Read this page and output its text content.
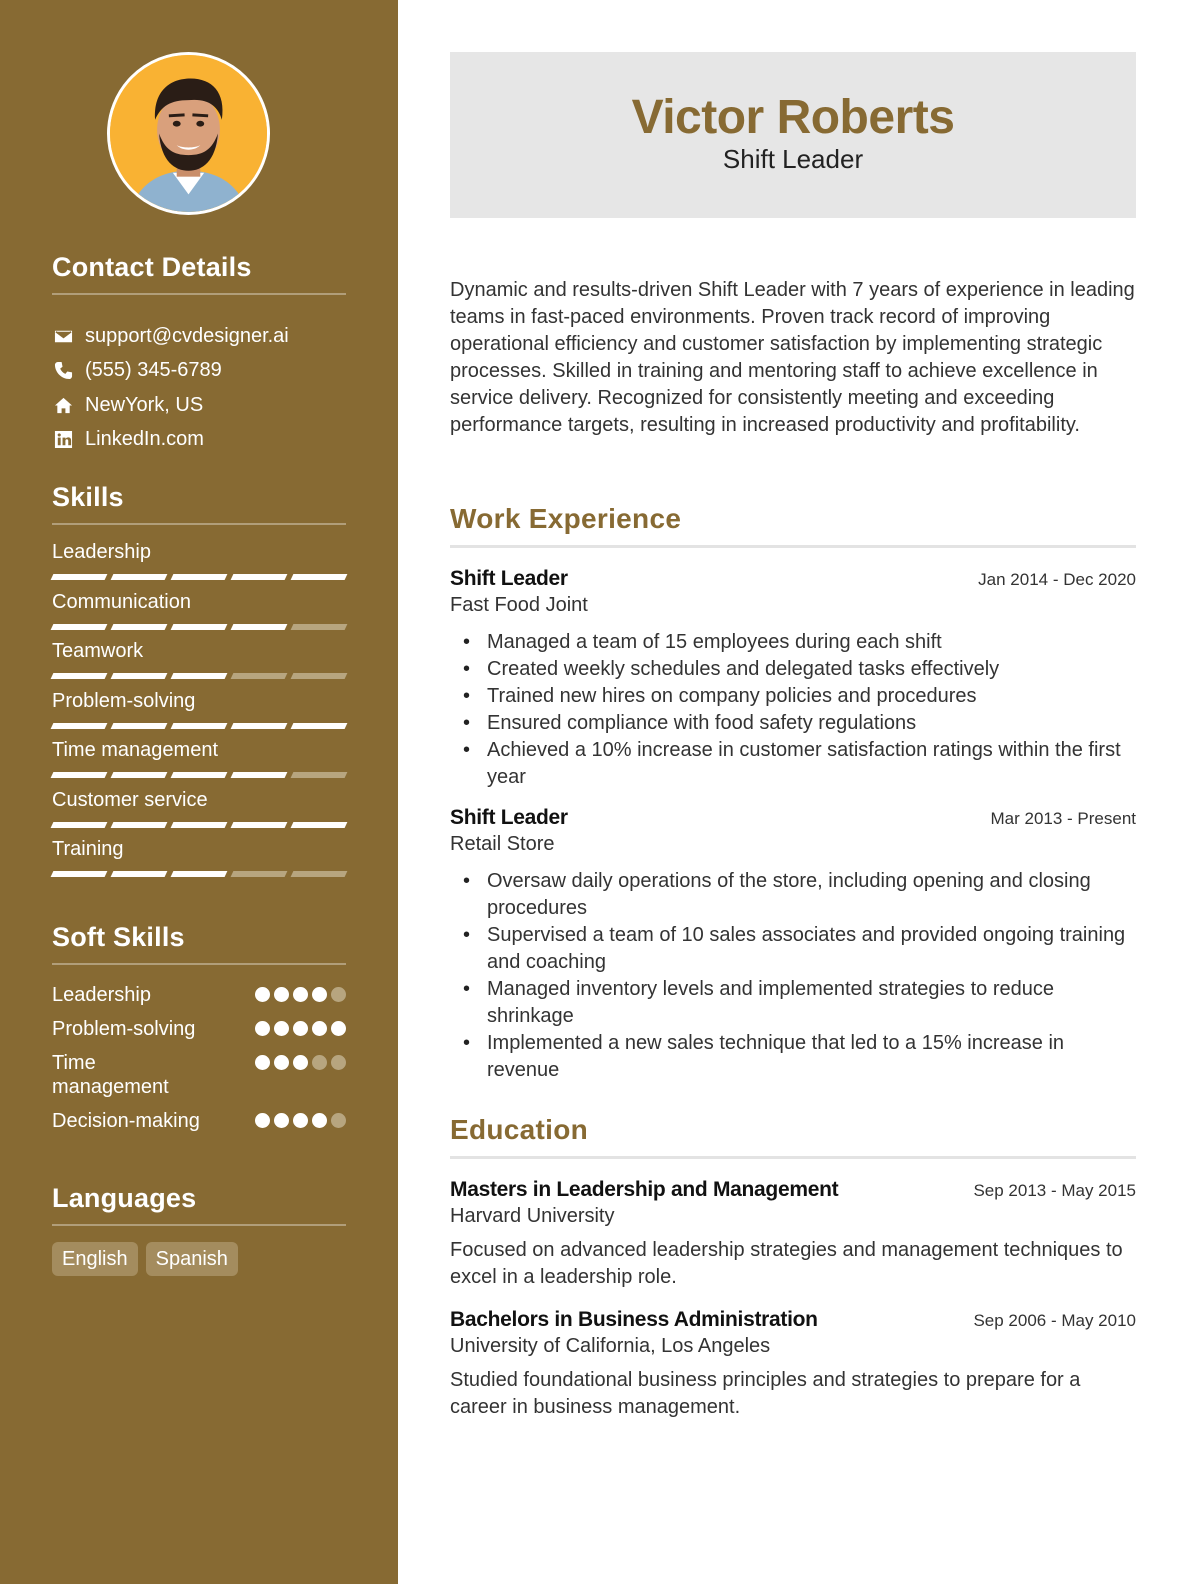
Contact Details
support@cvdesigner.ai
(555) 345-6789
NewYork, US
LinkedIn.com
Skills
Leadership
Communication
Teamwork
Problem-solving
Time management
Customer service
Training
Soft Skills
Leadership
Problem-solving
Time management
Decision-making
Languages
English	Spanish
Victor Roberts
Shift Leader

Dynamic and results-driven Shift Leader with 7 years of experience in leading teams in fast-paced environments. Proven track record of improving operational efficiency and customer satisfaction by implementing strategic processes. Skilled in training and mentoring staff to achieve excellence in service delivery. Recognized for consistently meeting and exceeding performance targets, resulting in increased productivity and profitability.

Work Experience
Shift Leader	Jan 2014 - Dec 2020
Fast Food Joint
• Managed a team of 15 employees during each shift
• Created weekly schedules and delegated tasks effectively
• Trained new hires on company policies and procedures
• Ensured compliance with food safety regulations
• Achieved a 10% increase in customer satisfaction ratings within the first year
Shift Leader	Mar 2013 - Present
Retail Store
• Oversaw daily operations of the store, including opening and closing procedures
• Supervised a team of 10 sales associates and provided ongoing training and coaching
• Managed inventory levels and implemented strategies to reduce shrinkage
• Implemented a new sales technique that led to a 15% increase in revenue
Education
Masters in Leadership and Management	Sep 2013 - May 2015
Harvard University

Focused on advanced leadership strategies and management techniques to excel in a leadership role.

Bachelors in Business Administration	Sep 2006 - May 2010
University of California, Los Angeles

Studied foundational business principles and strategies to prepare for a career in business management.
